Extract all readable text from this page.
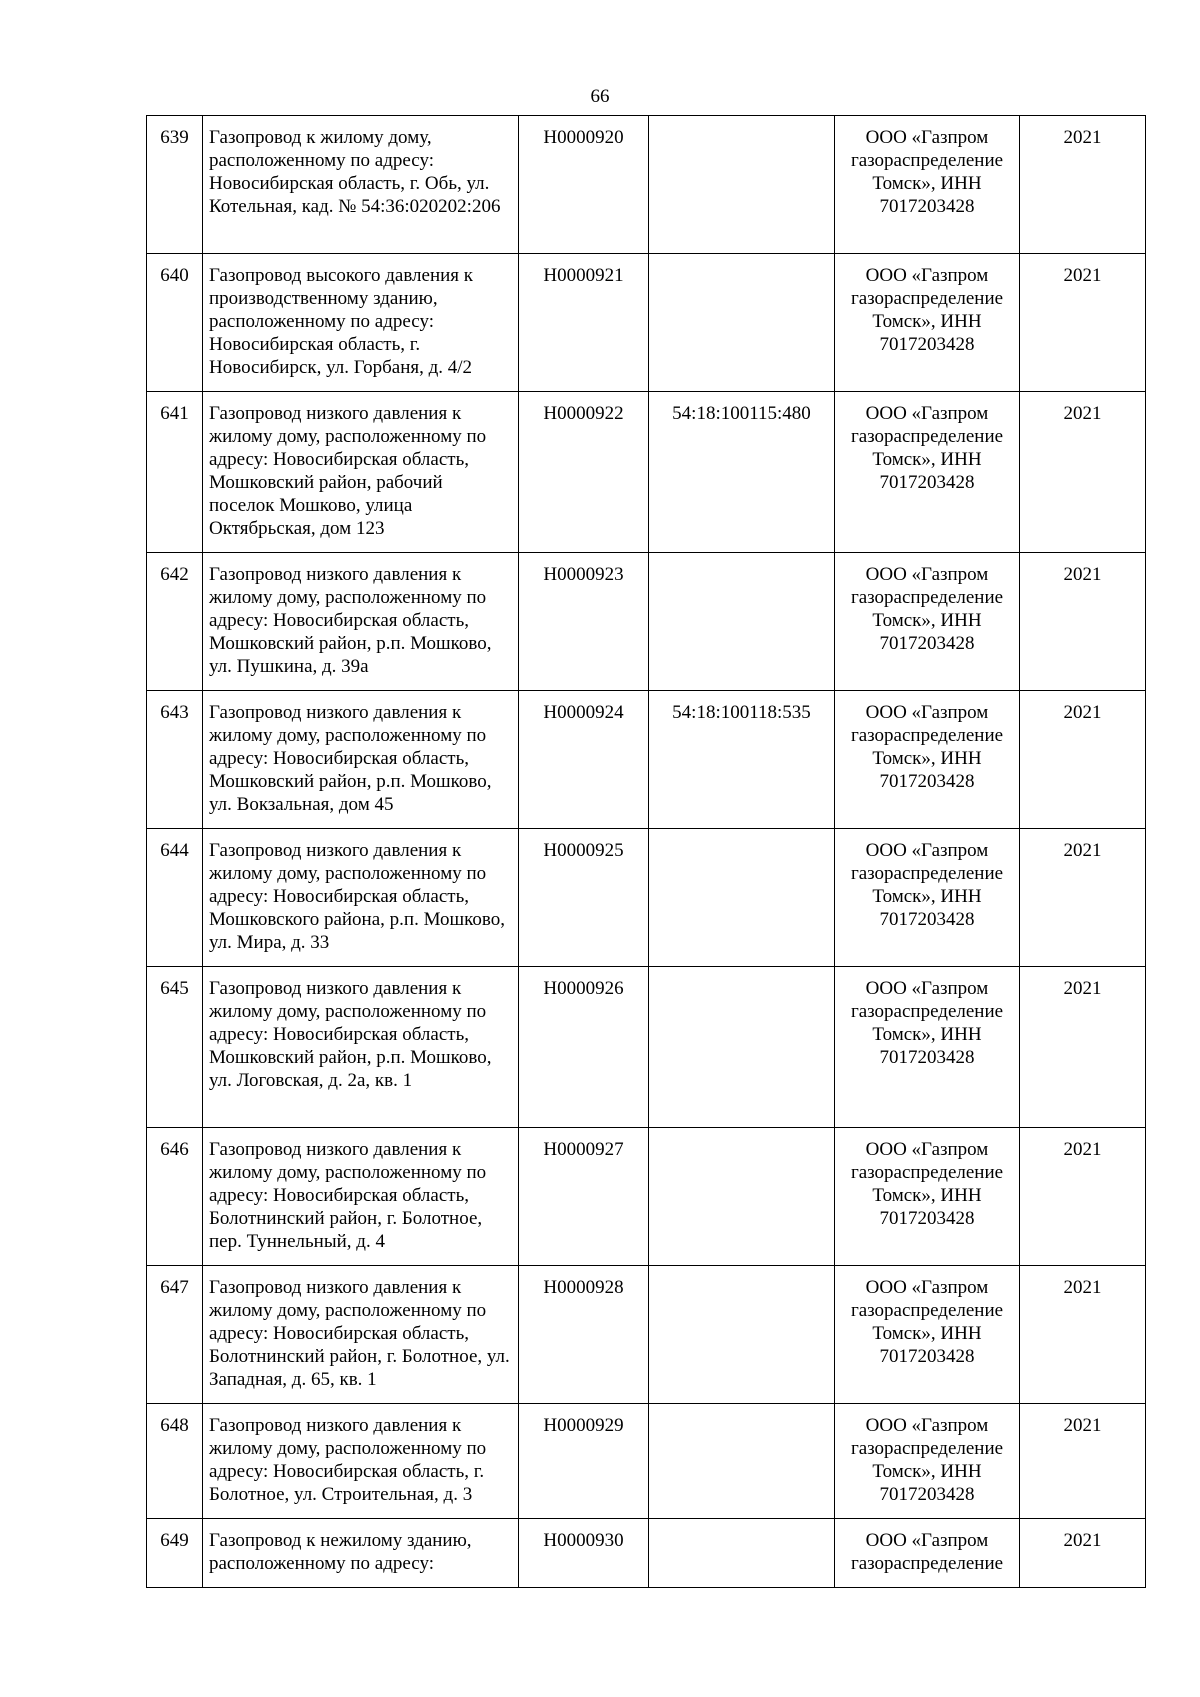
66
639	Газопровод к жилому дому, расположенному по адресу: Новосибирская область, г. Обь, ул. Котельная, кад. № 54:36:020202:206	Н0000920		ООО «Газпром газораспределение Томск», ИНН 7017203428	2021
640	Газопровод высокого давления к производственному зданию, расположенному по адресу: Новосибирская область, г. Новосибирск, ул. Горбаня, д. 4/2	Н0000921		ООО «Газпром газораспределение Томск», ИНН 7017203428	2021
641	Газопровод низкого давления к жилому дому, расположенному по адресу: Новосибирская область, Мошковский район, рабочий поселок Мошково, улица Октябрьская, дом 123	Н0000922	54:18:100115:480	ООО «Газпром газораспределение Томск», ИНН 7017203428	2021
642	Газопровод низкого давления к жилому дому, расположенному по адресу: Новосибирская область, Мошковский район, р.п. Мошково, ул. Пушкина, д. 39а	Н0000923		ООО «Газпром газораспределение Томск», ИНН 7017203428	2021
643	Газопровод низкого давления к жилому дому, расположенному по адресу: Новосибирская область, Мошковский район, р.п. Мошково, ул. Вокзальная, дом 45	Н0000924	54:18:100118:535	ООО «Газпром газораспределение Томск», ИНН 7017203428	2021
644	Газопровод низкого давления к жилому дому, расположенному по адресу: Новосибирская область, Мошковского района, р.п. Мошково, ул. Мира, д. 33	Н0000925		ООО «Газпром газораспределение Томск», ИНН 7017203428	2021
645	Газопровод низкого давления к жилому дому, расположенному по адресу: Новосибирская область, Мошковский район, р.п. Мошково, ул. Логовская, д. 2а, кв. 1	Н0000926		ООО «Газпром газораспределение Томск», ИНН 7017203428	2021
646	Газопровод низкого давления к жилому дому, расположенному по адресу: Новосибирская область, Болотнинский район, г. Болотное, пер. Туннельный, д. 4	Н0000927		ООО «Газпром газораспределение Томск», ИНН 7017203428	2021
647	Газопровод низкого давления к жилому дому, расположенному по адресу: Новосибирская область, Болотнинский район, г. Болотное, ул. Западная, д. 65, кв. 1	Н0000928		ООО «Газпром газораспределение Томск», ИНН 7017203428	2021
648	Газопровод низкого давления к жилому дому, расположенному по адресу: Новосибирская область, г. Болотное, ул. Строительная, д. 3	Н0000929		ООО «Газпром газораспределение Томск», ИНН 7017203428	2021
649	Газопровод к нежилому зданию, расположенному по адресу:	Н0000930		ООО «Газпром газораспределение	2021
